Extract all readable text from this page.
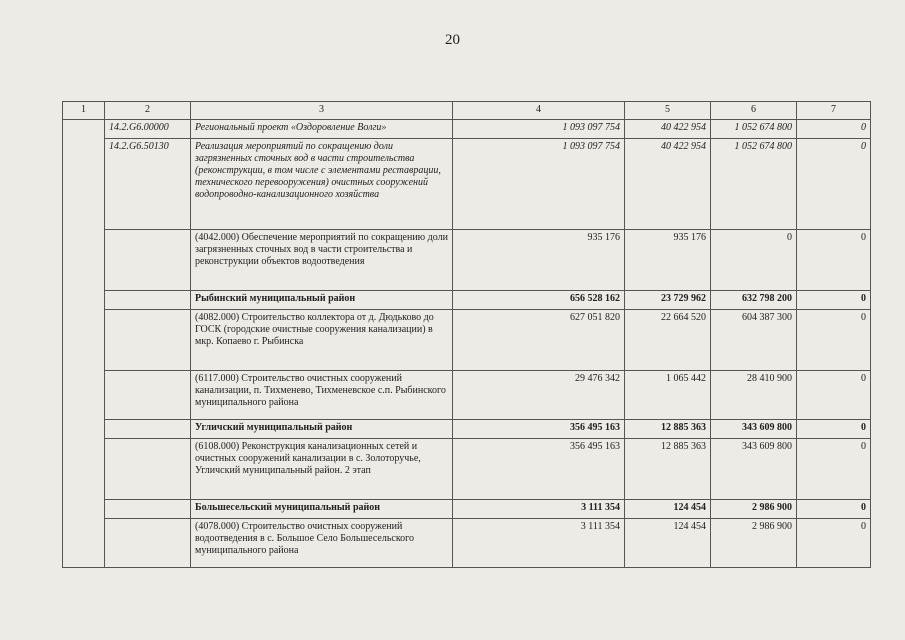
20
1	2	3	4	5	6	7
	14.2.G6.00000	Региональный проект «Оздоровление Волги»	1 093 097 754	40 422 954	1 052 674 800	0
	14.2.G6.50130	Реализация мероприятий по сокращению доли загрязненных сточных вод в части строительства (реконструкции, в том числе с элементами реставрации, технического перевооружения) очистных сооружений водопроводно-канализационного хозяйства	1 093 097 754	40 422 954	1 052 674 800	0
		(4042.000) Обеспечение мероприятий по сокращению доли загрязненных сточных вод в части строительства и реконструкции объектов водоотведения	935 176	935 176	0	0
		Рыбинский муниципальный район	656 528 162	23 729 962	632 798 200	0
		(4082.000) Строительство коллектора от д. Дюдьково до ГОСК (городские очистные сооружения канализации) в мкр. Копаево г. Рыбинска	627 051 820	22 664 520	604 387 300	0
		(6117.000) Строительство очистных сооружений канализации, п. Тихменево, Тихменевское с.п. Рыбинского муниципального района	29 476 342	1 065 442	28 410 900	0
		Угличский муниципальный район	356 495 163	12 885 363	343 609 800	0
		(6108.000) Реконструкция канализационных сетей и очистных сооружений канализации в с. Золоторучье, Угличский муниципальный район. 2 этап	356 495 163	12 885 363	343 609 800	0
		Большесельский муниципальный район	3 111 354	124 454	2 986 900	0
		(4078.000) Строительство очистных сооружений водоотведения в с. Большое Село Большесельского муниципального района	3 111 354	124 454	2 986 900	0
